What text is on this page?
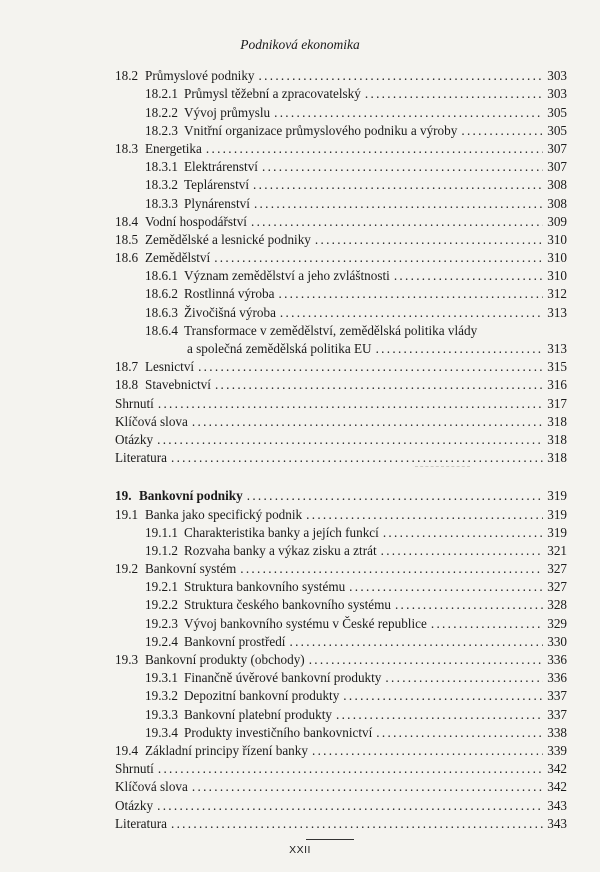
Podniková ekonomika
18.2 Průmyslové podniky . . .	303
18.2.1 Průmysl těžební a zpracovatelský . . .	303
18.2.2 Vývoj průmyslu . . .	305
18.2.3 Vnitřní organizace průmyslového podniku a výroby . . .	305
18.3 Energetika . . .	307
18.3.1 Elektrárenství . . .	307
18.3.2 Teplárenství . . .	308
18.3.3 Plynárenství . . .	308
18.4 Vodní hospodářství . . .	309
18.5 Zemědělské a lesnické podniky . . .	310
18.6 Zemědělství . . .	310
18.6.1 Význam zemědělství a jeho zvláštnosti . . .	310
18.6.2 Rostlinná výroba . . .	312
18.6.3 Živočišná výroba . . .	313
18.6.4 Transformace v zemědělství, zemědělská politika vlády
a společná zemědělská politika EU . . .	313
18.7 Lesnictví . . .	315
18.8 Stavebnictví . . .	316
Shrnutí . . .	317
Klíčová slova . . .	318
Otázky . . .	318
Literatura . . .	318
19. Bankovní podniky . . .	319
19.1 Banka jako specifický podnik . . .	319
19.1.1 Charakteristika banky a jejích funkcí . . .	319
19.1.2 Rozvaha banky a výkaz zisku a ztrát . . .	321
19.2 Bankovní systém . . .	327
19.2.1 Struktura bankovního systému . . .	327
19.2.2 Struktura českého bankovního systému . . .	328
19.2.3 Vývoj bankovního systému v České republice . . .	329
19.2.4 Bankovní prostředí . . .	330
19.3 Bankovní produkty (obchody) . . .	336
19.3.1 Finančně úvěrové bankovní produkty . . .	336
19.3.2 Depozitní bankovní produkty . . .	337
19.3.3 Bankovní platební produkty . . .	337
19.3.4 Produkty investičního bankovnictví . . .	338
19.4 Základní principy řízení banky . . .	339
Shrnutí . . .	342
Klíčová slova . . .	342
Otázky . . .	343
Literatura . . .	343
XXII
